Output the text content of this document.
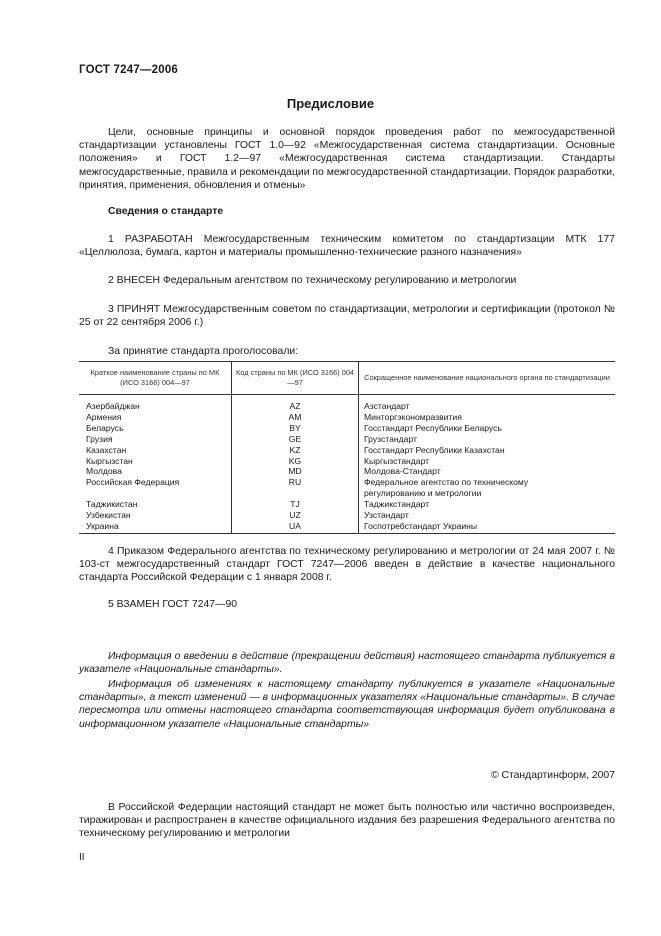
ГОСТ 7247—2006
Предисловие

Цели, основные принципы и основной порядок проведения работ по межгосударственной стандартизации установлены ГОСТ 1.0—92 «Межгосударственная система стандартизации. Основные положения» и ГОСТ 1.2—97 «Межгосударственная система стандартизации. Стандарты межгосударственные, правила и рекомендации по межгосударственной стандартизации. Порядок разработки, принятия, применения, обновления и отмены»

Сведения о стандарте

1 РАЗРАБОТАН Межгосударственным техническим комитетом по стандартизации МТК 177 «Целлюлоза, бумага, картон и материалы промышленно-технические разного назначения»

2 ВНЕСЕН Федеральным агентством по техническому регулированию и метрологии

3 ПРИНЯТ Межгосударственным советом по стандартизации, метрологии и сертификации (протокол № 25 от 22 сентября 2006 г.)

За принятие стандарта проголосовали:
Краткое наименование страны по МК (ИСО 3166) 004—97	Код страны по МК (ИСО 3166) 004—97	Сокращенное наименование национального органа по стандартизации
Азербайджан	AZ	Азстандарт
Армения	AM	Минторгэкономразвития
Беларусь	BY	Госстандарт Республики Беларусь
Грузия	GE	Грузстандарт
Казахстан	KZ	Госстандарт Республики Казахстан
Кыргызстан	KG	Кыргызстандарт
Молдова	MD	Молдова-Стандарт
Российская Федерация	RU	Федеральное агентство по техническому регулированию и метрологии
Таджикистан	TJ	Таджикстандарт
Узбекистан	UZ	Узстандарт
Украина	UA	Госпотребстандарт Украины

4 Приказом Федерального агентства по техническому регулированию и метрологии от 24 мая 2007 г. № 103-ст межгосударственный стандарт ГОСТ 7247—2006 введен в действие в качестве национального стандарта Российской Федерации с 1 января 2008 г.

5 ВЗАМЕН ГОСТ 7247—90

Информация о введении в действие (прекращении действия) настоящего стандарта публикуется в указателе «Национальные стандарты».

Информация об изменениях к настоящему стандарту публикуется в указателе «Национальные стандарты», а текст изменений — в информационных указателях «Национальные стандарты». В случае пересмотра или отмены настоящего стандарта соответствующая информация будет опубликована в информационном указателе «Национальные стандарты»

© Стандартинформ, 2007

В Российской Федерации настоящий стандарт не может быть полностью или частично воспроизведен, тиражирован и распространен в качестве официального издания без разрешения Федерального агентства по техническому регулированию и метрологии

II
